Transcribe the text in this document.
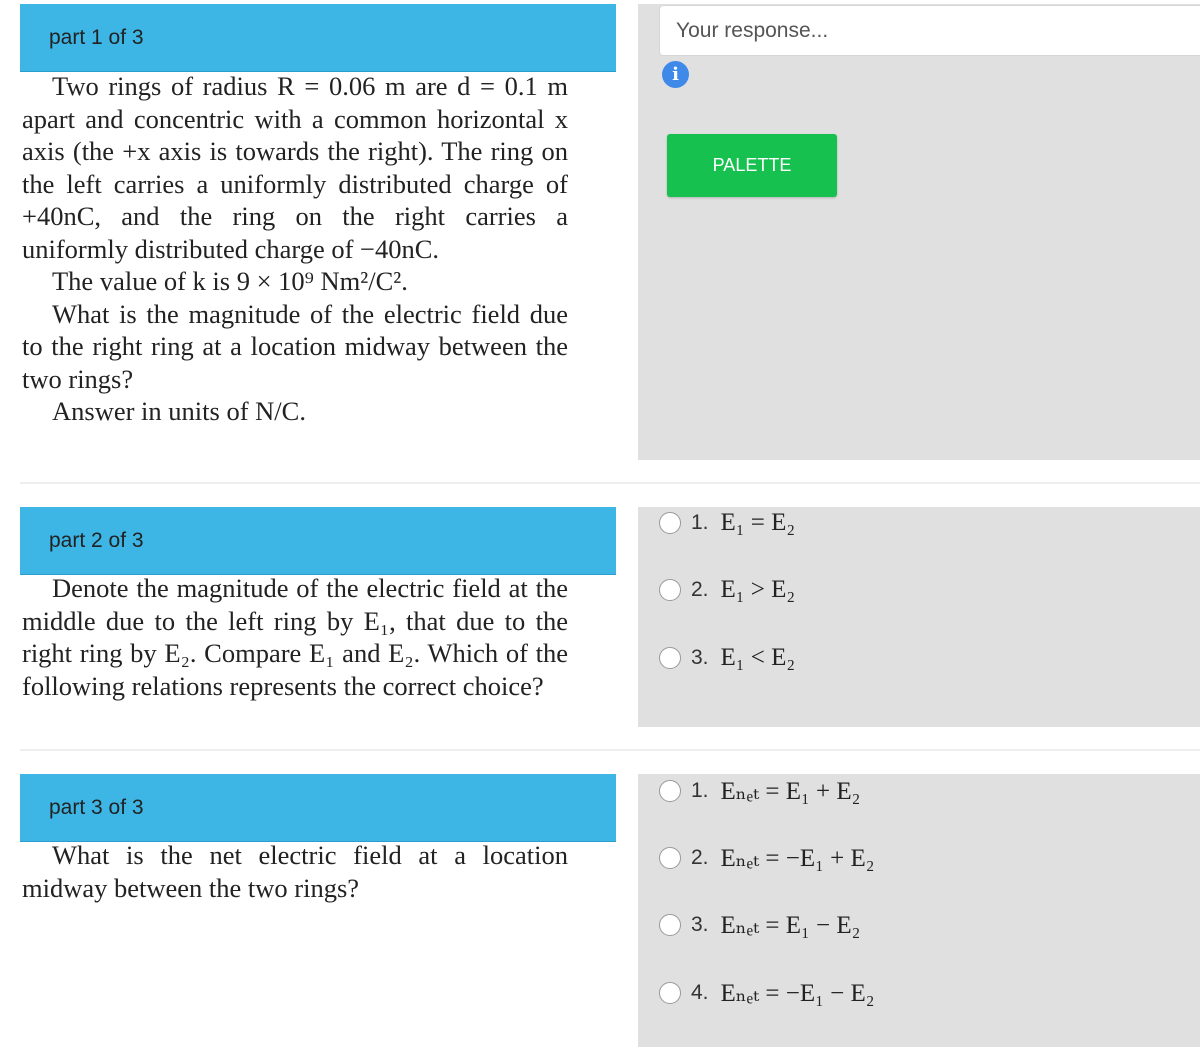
part 1 of 3

Two rings of radius R = 0.06 m are d = 0.1 m apart and concentric with a common horizontal x axis (the +x axis is towards the right). The ring on the left carries a uniformly distributed charge of +40nC, and the ring on the right carries a uniformly distributed charge of −40nC.

The value of k is 9 × 10⁹ Nm²/C².

What is the magnitude of the electric field due to the right ring at a location midway between the two rings?

Answer in units of N/C.

Your response...
i
PALETTE
part 2 of 3

Denote the magnitude of the electric field at the middle due to the left ring by E₁, that due to the right ring by E₂. Compare E₁ and E₂. Which of the following relations represents the correct choice?

1. E₁ = E₂
2. E₁ > E₂
3. E₁ < E₂
part 3 of 3

What is the net electric field at a location midway between the two rings?

1. Eₙₑₜ = E₁ + E₂
2. Eₙₑₜ = −E₁ + E₂
3. Eₙₑₜ = E₁ − E₂
4. Eₙₑₜ = −E₁ − E₂
